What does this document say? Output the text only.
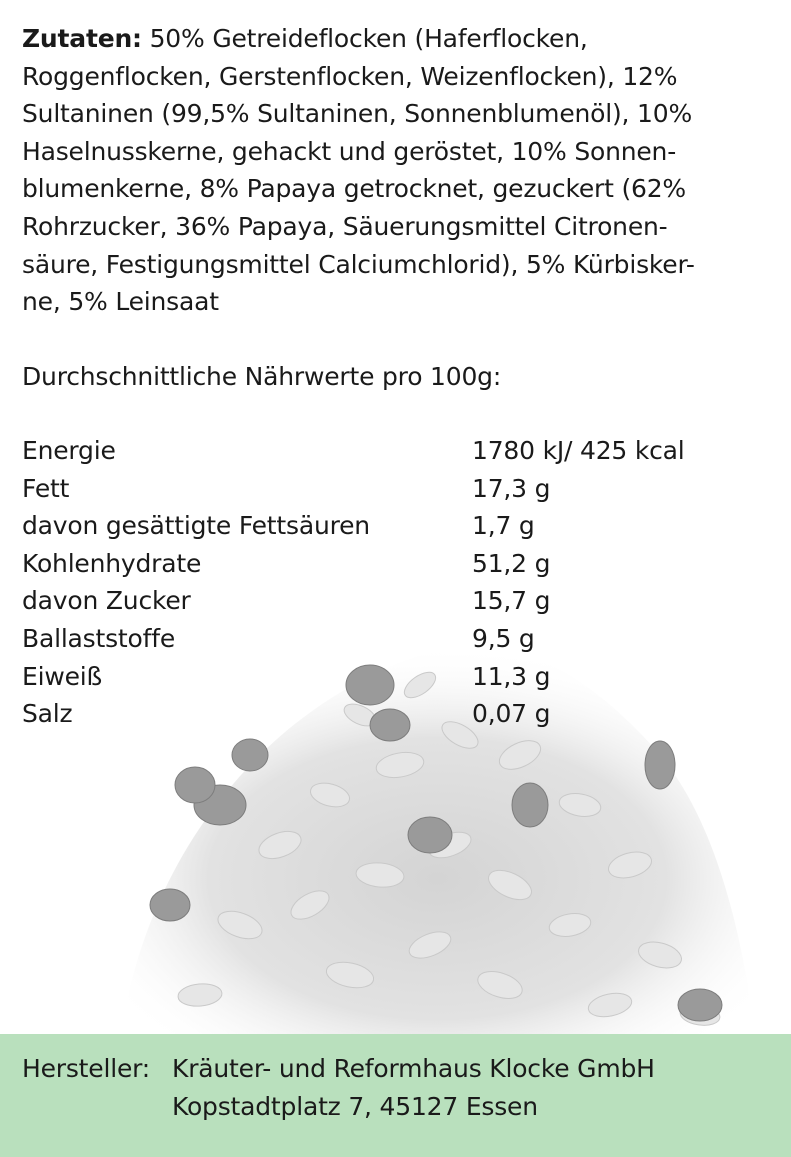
Zutaten: 50% Getreideflocken (Haferflocken,
Roggenflocken, Gerstenflocken, Weizenflocken), 12%
Sultaninen (99,5% Sultaninen, Sonnenblumenöl), 10%
Haselnusskerne, gehackt und geröstet, 10% Sonnen-
blumenkerne, 8% Papaya getrocknet, gezuckert (62%
Rohrzucker, 36% Papaya, Säuerungsmittel Citronen-
säure, Festigungsmittel Calciumchlorid), 5% Kürbisker-
ne, 5% Leinsaat

Durchschnittliche Nährwerte pro 100g:

Energie	1780 kJ/ 425 kcal
Fett	17,3 g
davon gesättigte Fettsäuren	1,7 g
Kohlenhydrate	51,2 g
davon Zucker	15,7 g
Ballaststoffe	9,5 g
Eiweiß	11,3 g
Salz	0,07 g
Hersteller: Kräuter- und Reformhaus Klocke GmbH
Kopstadtplatz 7, 45127 Essen
